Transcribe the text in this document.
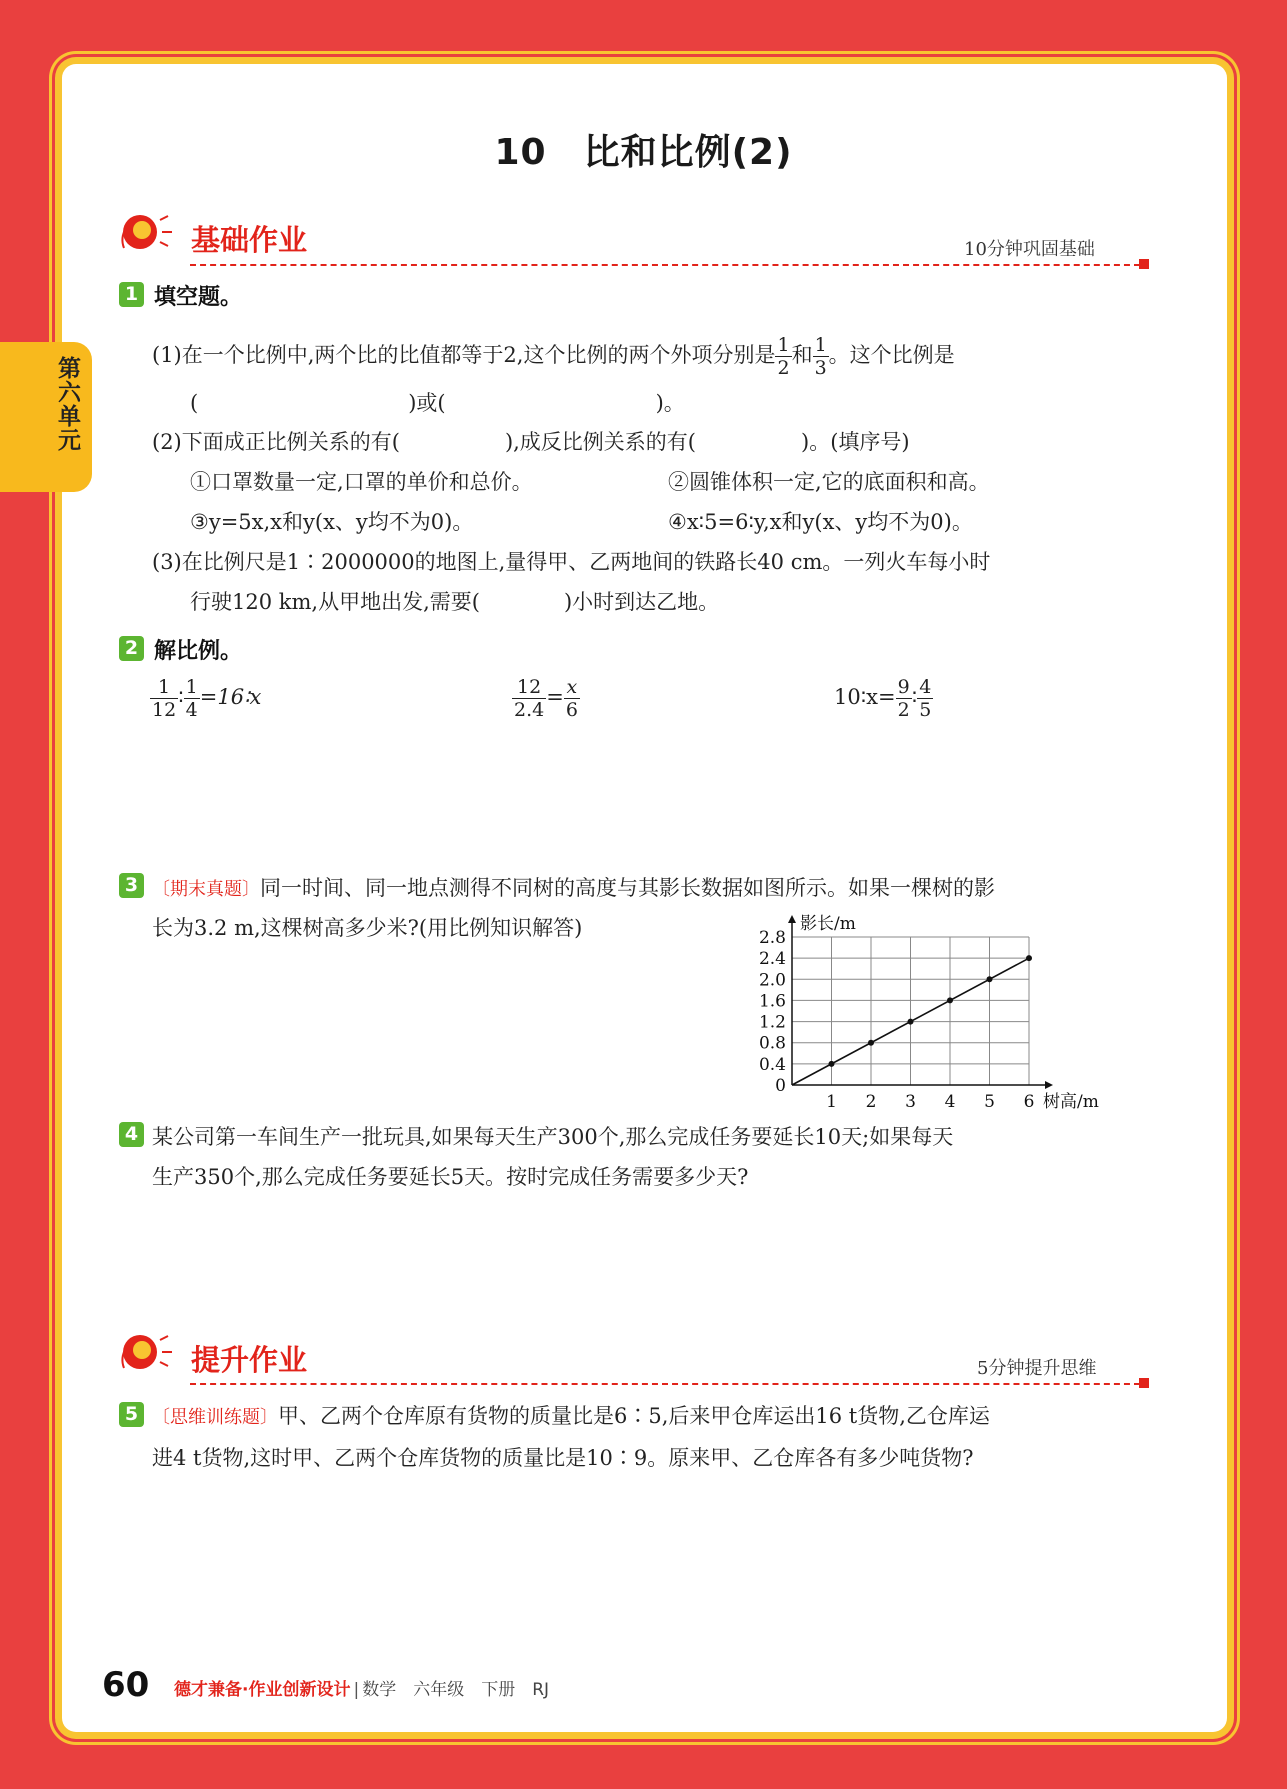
第六单元
10　比和比例(2)
基础作业	10分钟巩固基础
1 填空题。
(1)在一个比例中,两个比的比值都等于2,这个比例的两个外项分别是 $\frac{1}{2}$ 和 $\frac{1}{3}$ 。这个比例是
(　　　　　　　　　　)或(　　　　　　　　　　)。
(2)下面成正比例关系的有(　　　　　),成反比例关系的有(　　　　　)。(填序号)
①口罩数量一定,口罩的单价和总价。	②圆锥体积一定,它的底面积和高。
③y=5x,x和y(x、y均不为0)。	④x∶5=6∶y,x和y(x、y均不为0)。
(3)在比例尺是1∶2000000的地图上,量得甲、乙两地间的铁路长40 cm。一列火车每小时
行驶120 km,从甲地出发,需要(　　　　)小时到达乙地。
2 解比例。
$\frac{1}{12}$ ∶ $\frac{1}{4}$ =16∶x	$\frac{12}{2.4} = \frac{x}{6}$	10∶x= $\frac{9}{2}$ ∶ $\frac{4}{5}$
3 〔期末真题〕同一时间、同一地点测得不同树的高度与其影长数据如图所示。如果一棵树的影
长为3.2 m,这棵树高多少米?(用比例知识解答)
1 2 3 4 5 6
0
0.4
0.8
1.2
1.6
2.0
2.4
2.8
树高/m
影长/m
4 某公司第一车间生产一批玩具,如果每天生产300个,那么完成任务要延长10天;如果每天
生产350个,那么完成任务要延长5天。按时完成任务需要多少天?
提升作业	5分钟提升思维
5 〔思维训练题〕甲、乙两个仓库原有货物的质量比是6∶5,后来甲仓库运出16 t货物,乙仓库运
进4 t货物,这时甲、乙两个仓库货物的质量比是10∶9。原来甲、乙仓库各有多少吨货物?
60 德才兼备·作业创新设计 | 数学　六年级　下册　RJ
